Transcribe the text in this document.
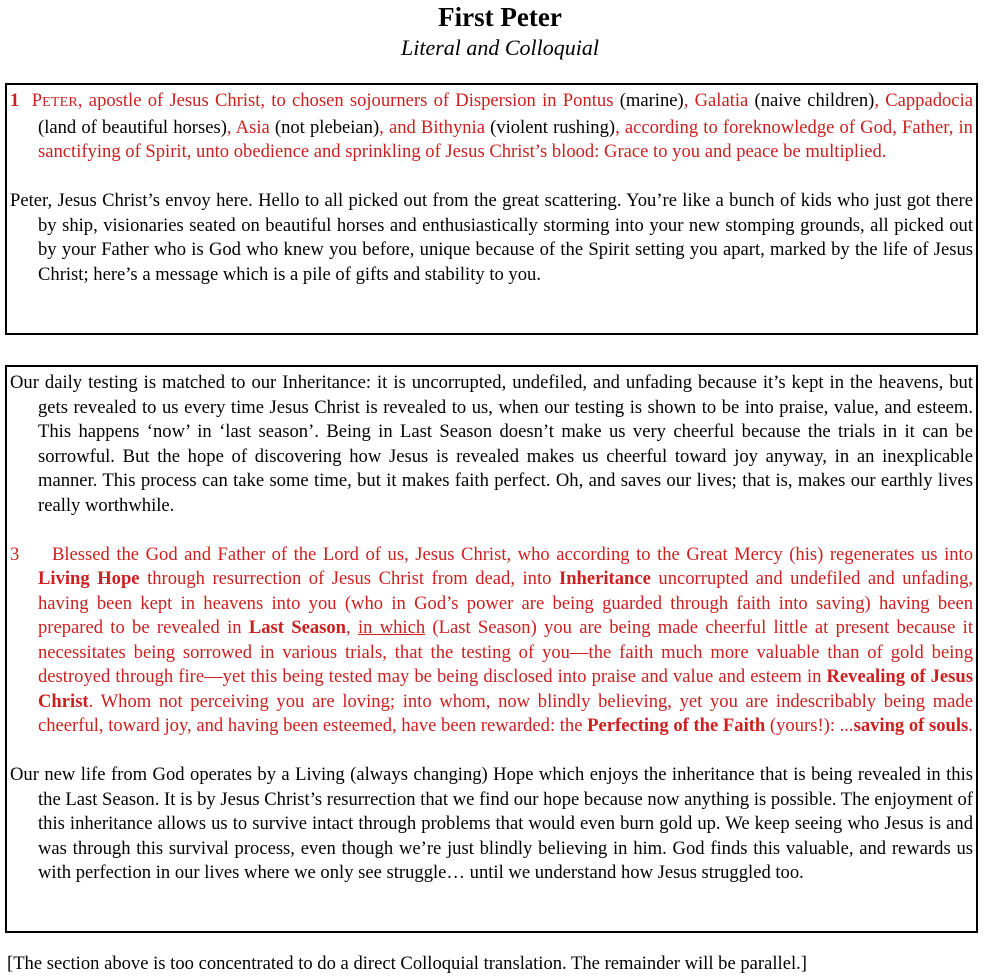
First Peter
Literal and Colloquial

1 PETER, apostle of Jesus Christ, to chosen sojourners of Dispersion in Pontus (marine), Galatia (naive children), Cappadocia (land of beautiful horses), Asia (not plebeian), and Bithynia (violent rushing), according to foreknowledge of God, Father, in sanctifying of Spirit, unto obedience and sprinkling of Jesus Christ’s blood: Grace to you and peace be multiplied.

Peter, Jesus Christ’s envoy here. Hello to all picked out from the great scattering. You’re like a bunch of kids who just got there by ship, visionaries seated on beautiful horses and enthusiastically storming into your new stomping grounds, all picked out by your Father who is God who knew you before, unique because of the Spirit setting you apart, marked by the life of Jesus Christ; here’s a message which is a pile of gifts and stability to you.

Our daily testing is matched to our Inheritance: it is uncorrupted, undefiled, and unfading because it’s kept in the heavens, but gets revealed to us every time Jesus Christ is revealed to us, when our testing is shown to be into praise, value, and esteem. This happens ‘now’ in ‘last season’. Being in Last Season doesn’t make us very cheerful because the trials in it can be sorrowful. But the hope of discovering how Jesus is revealed makes us cheerful toward joy anyway, in an inexplicable manner. This process can take some time, but it makes faith perfect. Oh, and saves our lives; that is, makes our earthly lives really worthwhile.

3 Blessed the God and Father of the Lord of us, Jesus Christ, who according to the Great Mercy (his) regenerates us into Living Hope through resurrection of Jesus Christ from dead, into Inheritance uncorrupted and undefiled and unfading, having been kept in heavens into you (who in God’s power are being guarded through faith into saving) having been prepared to be revealed in Last Season, in which (Last Season) you are being made cheerful little at present because it necessitates being sorrowed in various trials, that the testing of you—the faith much more valuable than of gold being destroyed through fire—yet this being tested may be being disclosed into praise and value and esteem in Revealing of Jesus Christ. Whom not perceiving you are loving; into whom, now blindly believing, yet you are indescribably being made cheerful, toward joy, and having been esteemed, have been rewarded: the Perfecting of the Faith (yours!): ...saving of souls.

Our new life from God operates by a Living (always changing) Hope which enjoys the inheritance that is being revealed in this the Last Season. It is by Jesus Christ’s resurrection that we find our hope because now anything is possible. The enjoyment of this inheritance allows us to survive intact through problems that would even burn gold up. We keep seeing who Jesus is and was through this survival process, even though we’re just blindly believing in him. God finds this valuable, and rewards us with perfection in our lives where we only see struggle… until we understand how Jesus struggled too.

[The section above is too concentrated to do a direct Colloquial translation. The remainder will be parallel.]
